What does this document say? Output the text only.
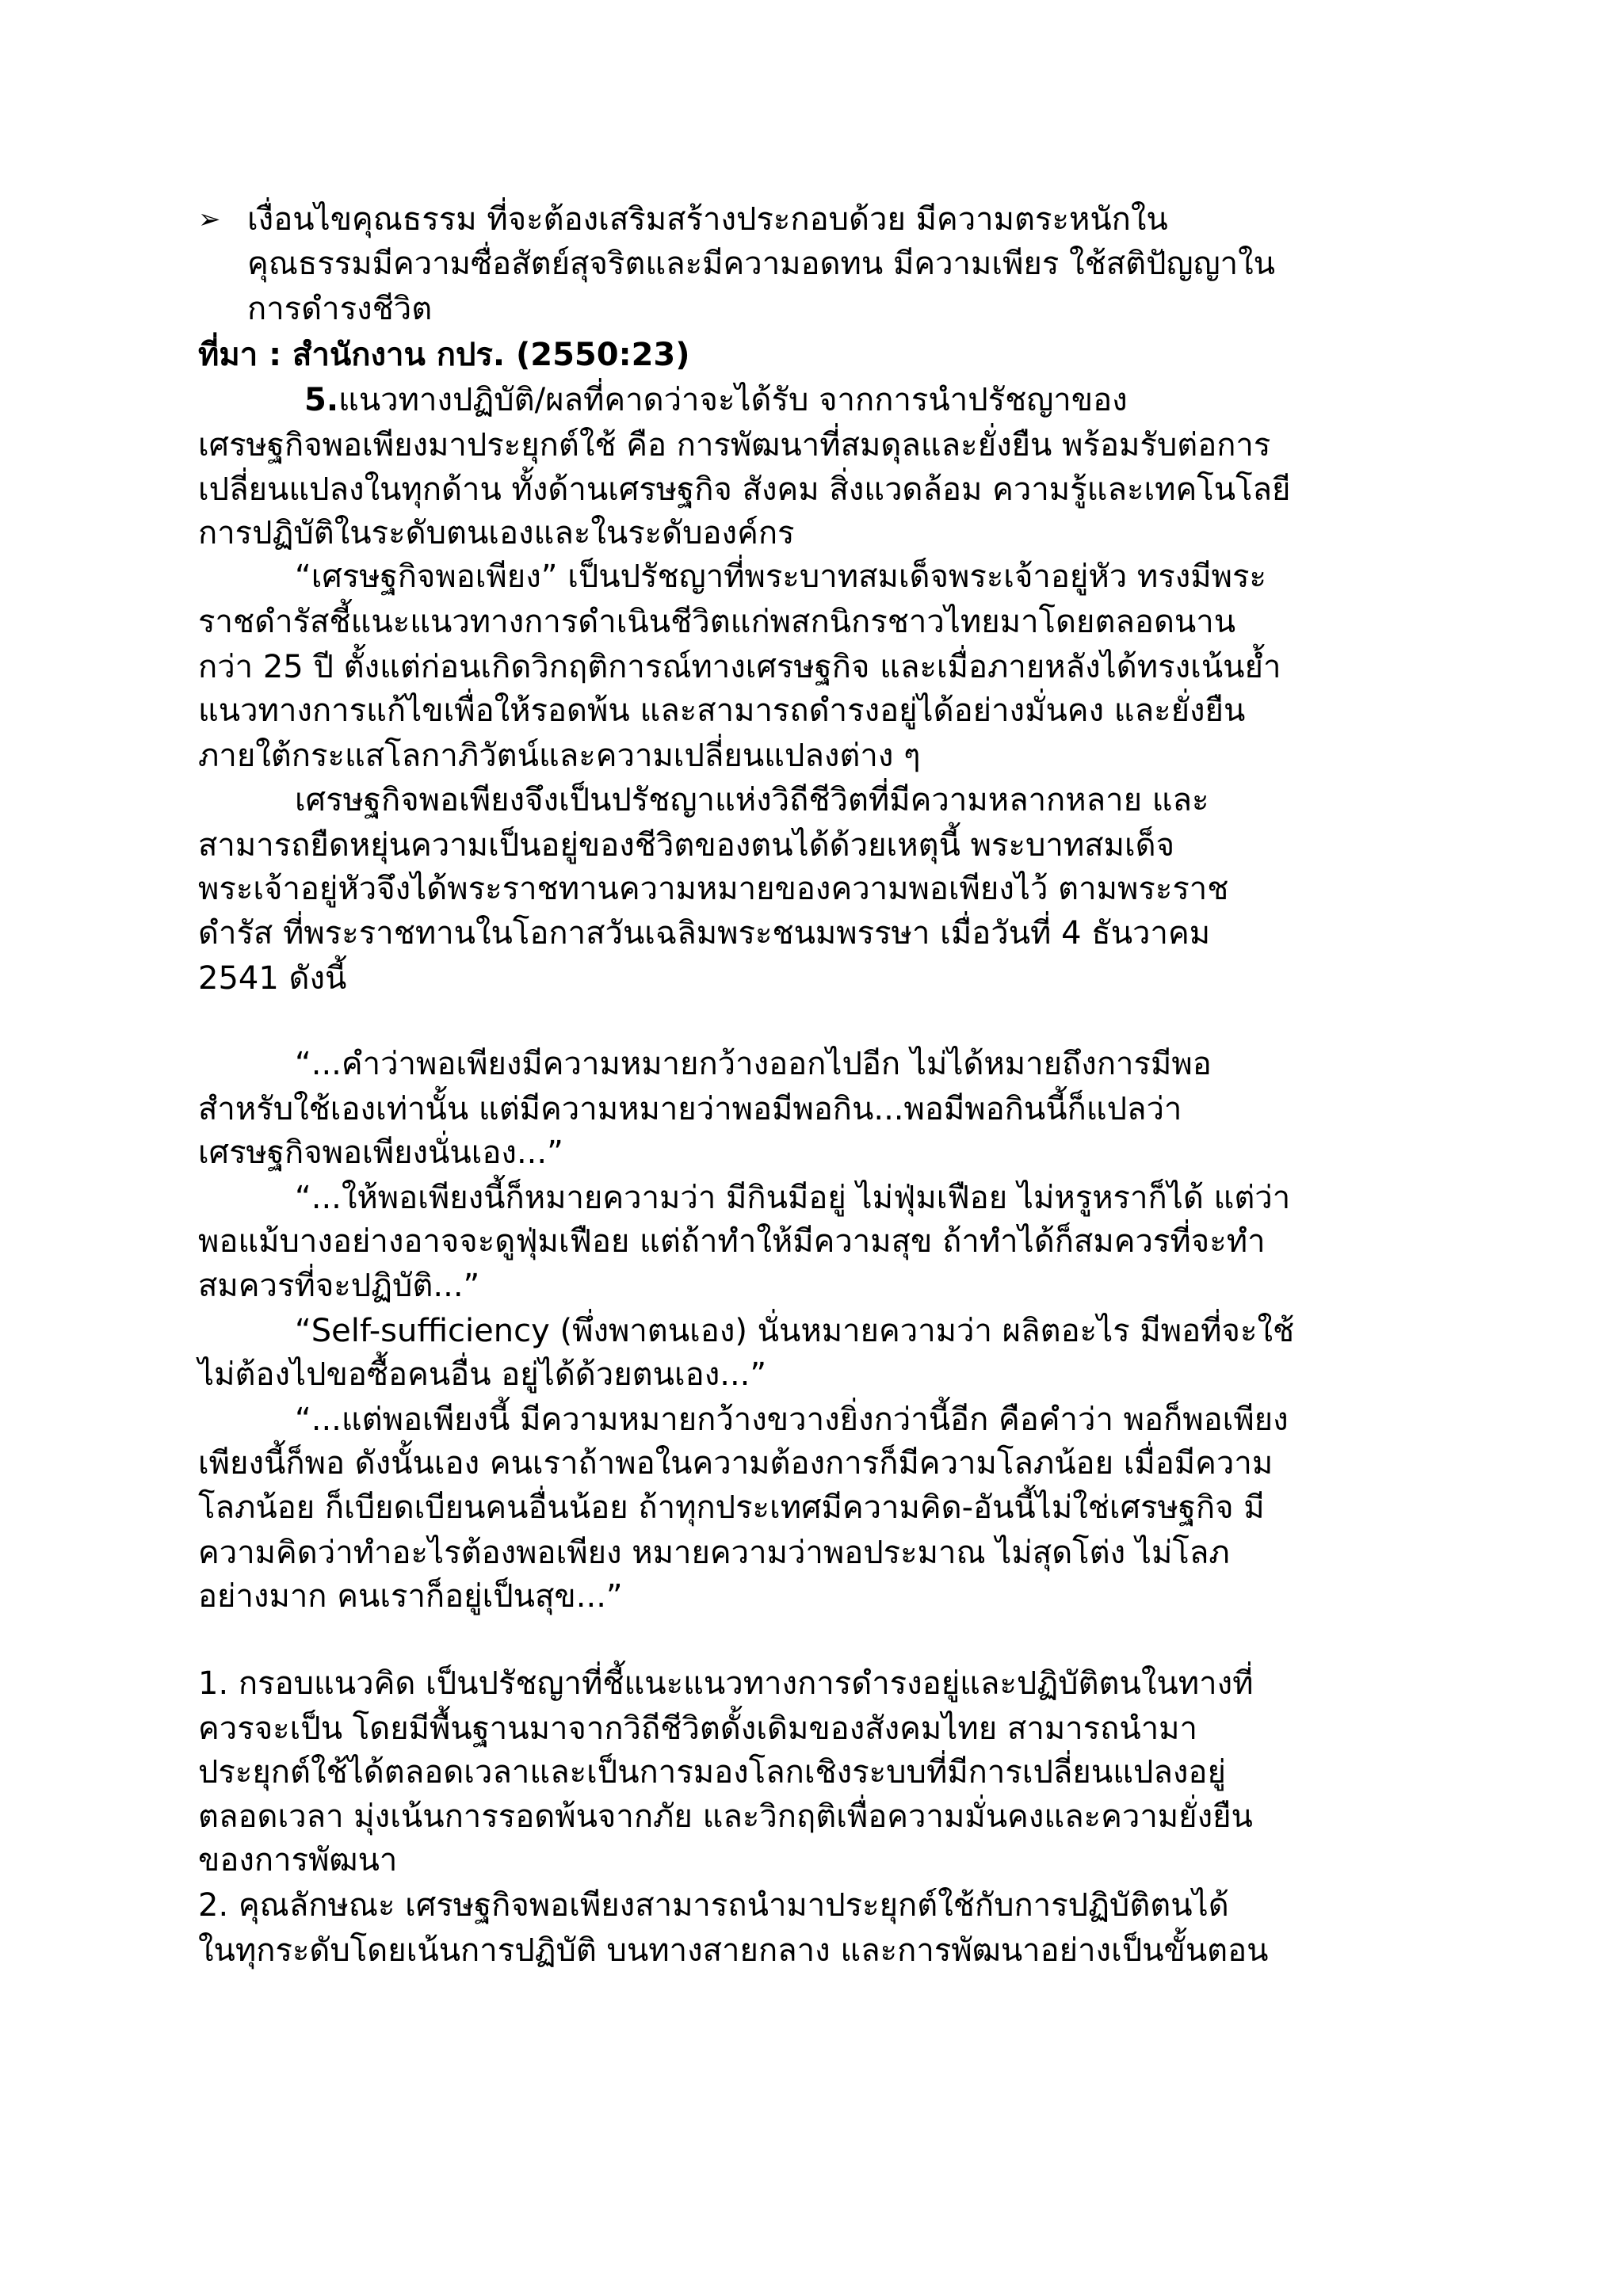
➢ เงื่อนไขคุณธรรม ที่จะต้องเสริมสร้างประกอบด้วย มีความตระหนักใน
คุณธรรมมีความซื่อสัตย์สุจริตและมีความอดทน มีความเพียร ใช้สติปัญญาใน
การดำรงชีวิต
ที่มา : สำนักงาน กปร. (2550:23)
5.แนวทางปฏิบัติ/ผลที่คาดว่าจะได้รับ จากการนำปรัชญาของ
เศรษฐกิจพอเพียงมาประยุกต์ใช้ คือ การพัฒนาที่สมดุลและยั่งยืน พร้อมรับต่อการ
เปลี่ยนแปลงในทุกด้าน ทั้งด้านเศรษฐกิจ สังคม สิ่งแวดล้อม ความรู้และเทคโนโลยี
การปฏิบัติในระดับตนเองและในระดับองค์กร
“เศรษฐกิจพอเพียง” เป็นปรัชญาที่พระบาทสมเด็จพระเจ้าอยู่หัว ทรงมีพระ
ราชดำรัสชี้แนะแนวทางการดำเนินชีวิตแก่พสกนิกรชาวไทยมาโดยตลอดนาน
กว่า 25 ปี ตั้งแต่ก่อนเกิดวิกฤติการณ์ทางเศรษฐกิจ และเมื่อภายหลังได้ทรงเน้นย้ำ
แนวทางการแก้ไขเพื่อให้รอดพ้น และสามารถดำรงอยู่ได้อย่างมั่นคง และยั่งยืน
ภายใต้กระแสโลกาภิวัตน์และความเปลี่ยนแปลงต่าง ๆ
เศรษฐกิจพอเพียงจึงเป็นปรัชญาแห่งวิถีชีวิตที่มีความหลากหลาย และ
สามารถยืดหยุ่นความเป็นอยู่ของชีวิตของตนได้ด้วยเหตุนี้ พระบาทสมเด็จ
พระเจ้าอยู่หัวจึงได้พระราชทานความหมายของความพอเพียงไว้ ตามพระราช
ดำรัส ที่พระราชทานในโอกาสวันเฉลิมพระชนมพรรษา เมื่อวันที่ 4 ธันวาคม
2541 ดังนี้
“...คำว่าพอเพียงมีความหมายกว้างออกไปอีก ไม่ได้หมายถึงการมีพอ
สำหรับใช้เองเท่านั้น แต่มีความหมายว่าพอมีพอกิน...พอมีพอกินนี้ก็แปลว่า
เศรษฐกิจพอเพียงนั่นเอง...”
“...ให้พอเพียงนี้ก็หมายความว่า มีกินมีอยู่ ไม่ฟุ่มเฟือย ไม่หรูหราก็ได้ แต่ว่า
พอแม้บางอย่างอาจจะดูฟุ่มเฟือย แต่ถ้าทำให้มีความสุข ถ้าทำได้ก็สมควรที่จะทำ
สมควรที่จะปฏิบัติ...”
“Self-sufficiency (พึ่งพาตนเอง) นั่นหมายความว่า ผลิตอะไร มีพอที่จะใช้
ไม่ต้องไปขอซื้อคนอื่น อยู่ได้ด้วยตนเอง...”
“...แต่พอเพียงนี้ มีความหมายกว้างขวางยิ่งกว่านี้อีก คือคำว่า พอก็พอเพียง
เพียงนี้ก็พอ ดังนั้นเอง คนเราถ้าพอในความต้องการก็มีความโลภน้อย เมื่อมีความ
โลภน้อย ก็เบียดเบียนคนอื่นน้อย ถ้าทุกประเทศมีความคิด-อันนี้ไม่ใช่เศรษฐกิจ มี
ความคิดว่าทำอะไรต้องพอเพียง หมายความว่าพอประมาณ ไม่สุดโต่ง ไม่โลภ
อย่างมาก คนเราก็อยู่เป็นสุข...”
1. กรอบแนวคิด เป็นปรัชญาที่ชี้แนะแนวทางการดำรงอยู่และปฏิบัติตนในทางที่
ควรจะเป็น โดยมีพื้นฐานมาจากวิถีชีวิตดั้งเดิมของสังคมไทย สามารถนำมา
ประยุกต์ใช้ได้ตลอดเวลาและเป็นการมองโลกเชิงระบบที่มีการเปลี่ยนแปลงอยู่
ตลอดเวลา มุ่งเน้นการรอดพ้นจากภัย และวิกฤติเพื่อความมั่นคงและความยั่งยืน
ของการพัฒนา
2. คุณลักษณะ เศรษฐกิจพอเพียงสามารถนำมาประยุกต์ใช้กับการปฏิบัติตนได้
ในทุกระดับโดยเน้นการปฏิบัติ บนทางสายกลาง และการพัฒนาอย่างเป็นขั้นตอน
